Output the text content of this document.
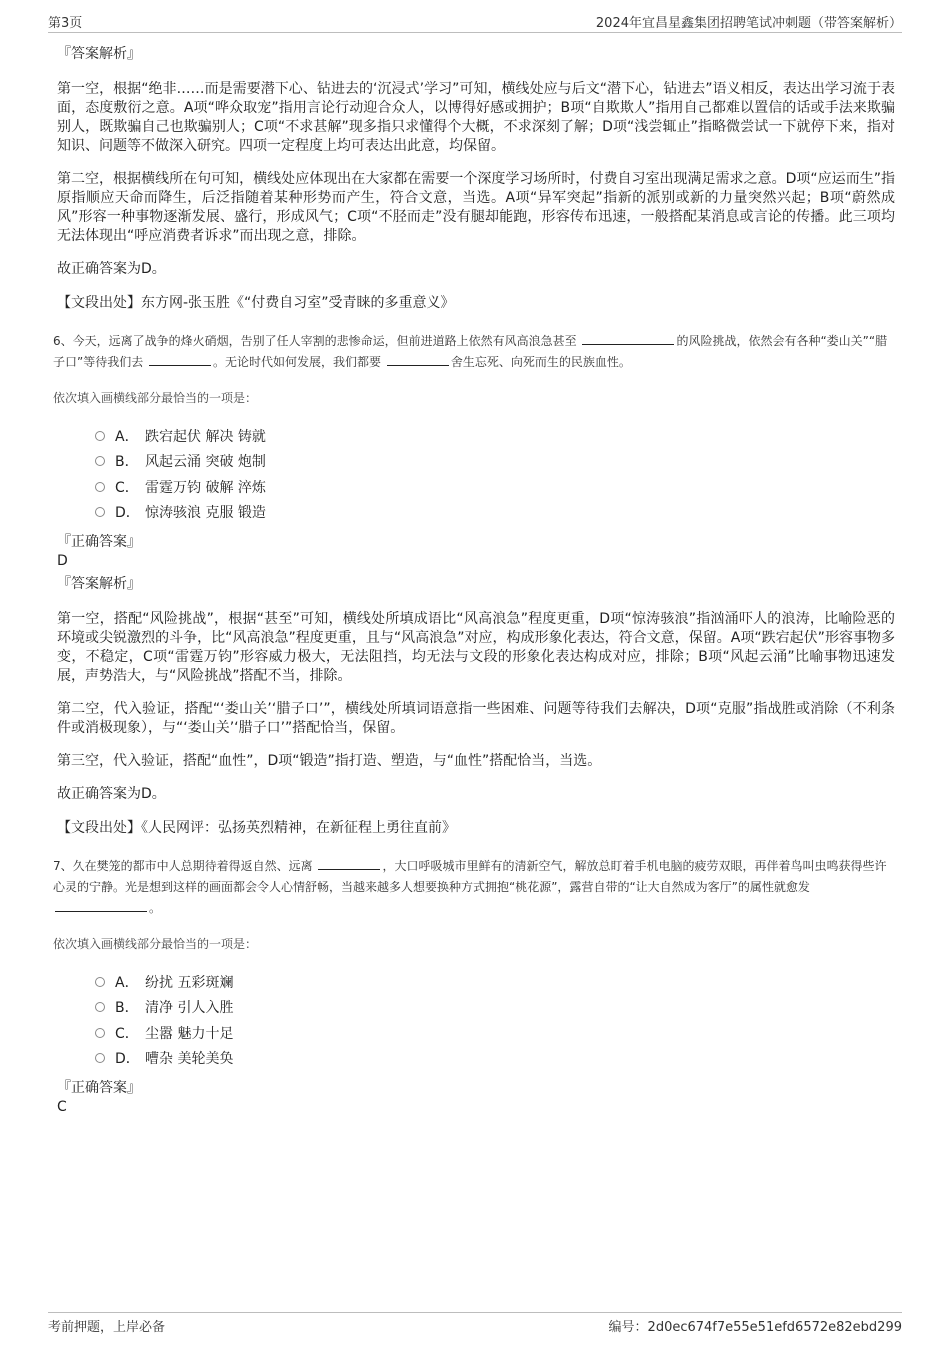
第3页	2024年宜昌星鑫集团招聘笔试冲刺题（带答案解析）

『答案解析』

第一空，根据“绝非……而是需要潜下心、钻进去的‘沉浸式’学习”可知，横线处应与后文“潜下心，钻进去”语义相反，表达出学习流于表面，态度敷衍之意。A项“哗众取宠”指用言论行动迎合众人，以博得好感或拥护；B项“自欺欺人”指用自己都难以置信的话或手法来欺骗别人，既欺骗自己也欺骗别人；C项“不求甚解”现多指只求懂得个大概，不求深刻了解；D项“浅尝辄止”指略微尝试一下就停下来，指对知识、问题等不做深入研究。四项一定程度上均可表达出此意，均保留。

第二空，根据横线所在句可知，横线处应体现出在大家都在需要一个深度学习场所时，付费自习室出现满足需求之意。D项“应运而生”指原指顺应天命而降生，后泛指随着某种形势而产生，符合文意，当选。A项“异军突起”指新的派别或新的力量突然兴起；B项“蔚然成风”形容一种事物逐渐发展、盛行，形成风气；C项“不胫而走”没有腿却能跑，形容传布迅速，一般搭配某消息或言论的传播。此三项均无法体现出“呼应消费者诉求”而出现之意，排除。

故正确答案为D。

【文段出处】东方网-张玉胜《“付费自习室”受青睐的多重意义》

6、今天，远离了战争的烽火硝烟，告别了任人宰割的悲惨命运，但前进道路上依然有风高浪急甚至	的风险挑战，依然会有各种“娄山关”“腊子口”等待我们去	。无论时代如何发展，我们都要	舍生忘死、向死而生的民族血性。

依次填入画横线部分最恰当的一项是：

A． 跌宕起伏 解决 铸就
B． 风起云涌 突破 炮制
C． 雷霆万钧 破解 淬炼
D． 惊涛骇浪 克服 锻造

『正确答案』

D

『答案解析』

第一空，搭配“风险挑战”，根据“甚至”可知，横线处所填成语比“风高浪急”程度更重，D项“惊涛骇浪”指汹涌吓人的浪涛，比喻险恶的环境或尖锐激烈的斗争，比“风高浪急”程度更重，且与“风高浪急”对应，构成形象化表达，符合文意，保留。A项“跌宕起伏”形容事物多变，不稳定，C项“雷霆万钧”形容威力极大，无法阻挡，均无法与文段的形象化表达构成对应，排除；B项“风起云涌”比喻事物迅速发展，声势浩大，与“风险挑战”搭配不当，排除。

第二空，代入验证，搭配“‘娄山关’‘腊子口’”，横线处所填词语意指一些困难、问题等待我们去解决，D项“克服”指战胜或消除（不利条件或消极现象），与“‘娄山关’‘腊子口’”搭配恰当，保留。

第三空，代入验证，搭配“血性”，D项“锻造”指打造、塑造，与“血性”搭配恰当，当选。

故正确答案为D。

【文段出处】《人民网评：弘扬英烈精神，在新征程上勇往直前》

7、久在樊笼的都市中人总期待着得返自然、远离	，大口呼吸城市里鲜有的清新空气，解放总盯着手机电脑的疲劳双眼，再伴着鸟叫虫鸣获得些许心灵的宁静。光是想到这样的画面都会令人心情舒畅，当越来越多人想要换种方式拥抱“桃花源”，露营自带的“让大自然成为客厅”的属性就愈发 。

依次填入画横线部分最恰当的一项是：

A． 纷扰 五彩斑斓
B． 清净 引人入胜
C． 尘嚣 魅力十足
D． 嘈杂 美轮美奂

『正确答案』

C

考前押题，上岸必备	编号：2d0ec674f7e55e51efd6572e82ebd299
